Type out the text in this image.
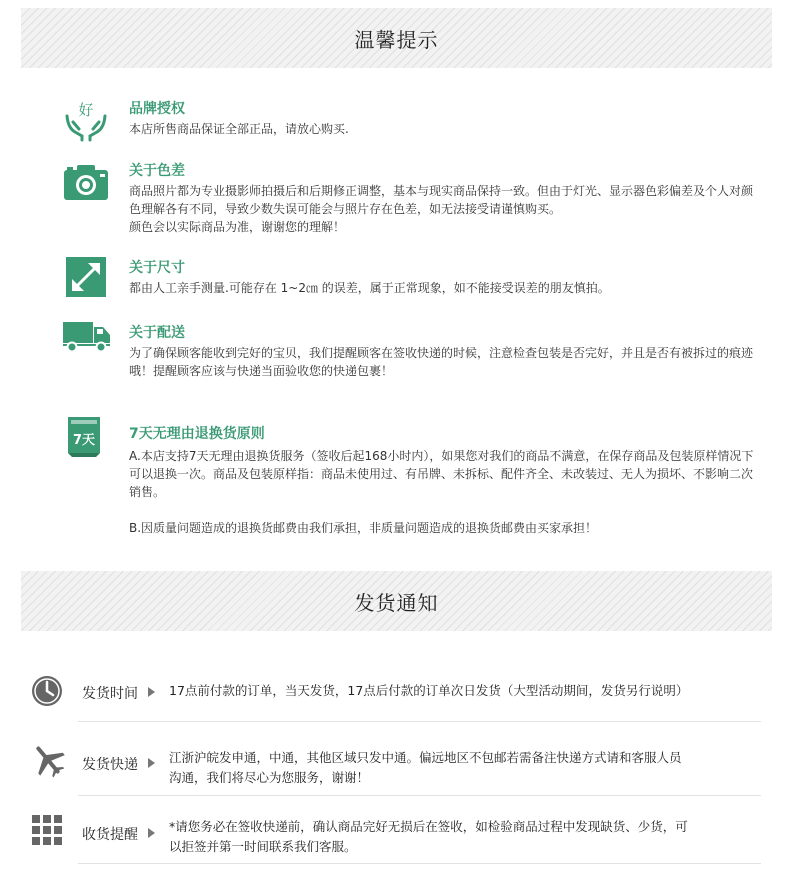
温馨提示
好	品牌授权

本店所售商品保证全部正品，请放心购买.

关于色差

商品照片都为专业摄影师拍摄后和后期修正调整，基本与现实商品保持一致。但由于灯光、显示器色彩偏差及个人对颜色理解各有不同，导致少数失误可能会与照片存在色差，如无法接受请谨慎购买。

颜色会以实际商品为准，谢谢您的理解！

关于尺寸

都由人工亲手测量.可能存在 1~2㎝ 的误差，属于正常现象，如不能接受误差的朋友慎拍。

关于配送

为了确保顾客能收到完好的宝贝，我们提醒顾客在签收快递的时候，注意检查包装是否完好，并且是否有被拆过的痕迹哦！提醒顾客应该与快递当面验收您的快递包裹！

7天 7天无理由退换货原则

A.本店支持7天无理由退换货服务（签收后起168小时内），如果您对我们的商品不满意，在保存商品及包装原样情况下可以退换一次。商品及包装原样指：商品未使用过、有吊牌、未拆标、配件齐全、未改装过、无人为损坏、不影响二次销售。

B.因质量问题造成的退换货邮费由我们承担，非质量问题造成的退换货邮费由买家承担！

发货通知
发货时间 17点前付款的订单，当天发货，17点后付款的订单次日发货（大型活动期间，发货另行说明）
发货快递 江浙沪皖发申通，中通，其他区域只发中通。偏远地区不包邮若需备注快递方式请和客服人员沟通，我们将尽心为您服务，谢谢！
收货提醒
*请您务必在签收快递前，确认商品完好无损后在签收，如检验商品过程中发现缺货、少货，可以拒签并第一时间联系我们客服。
